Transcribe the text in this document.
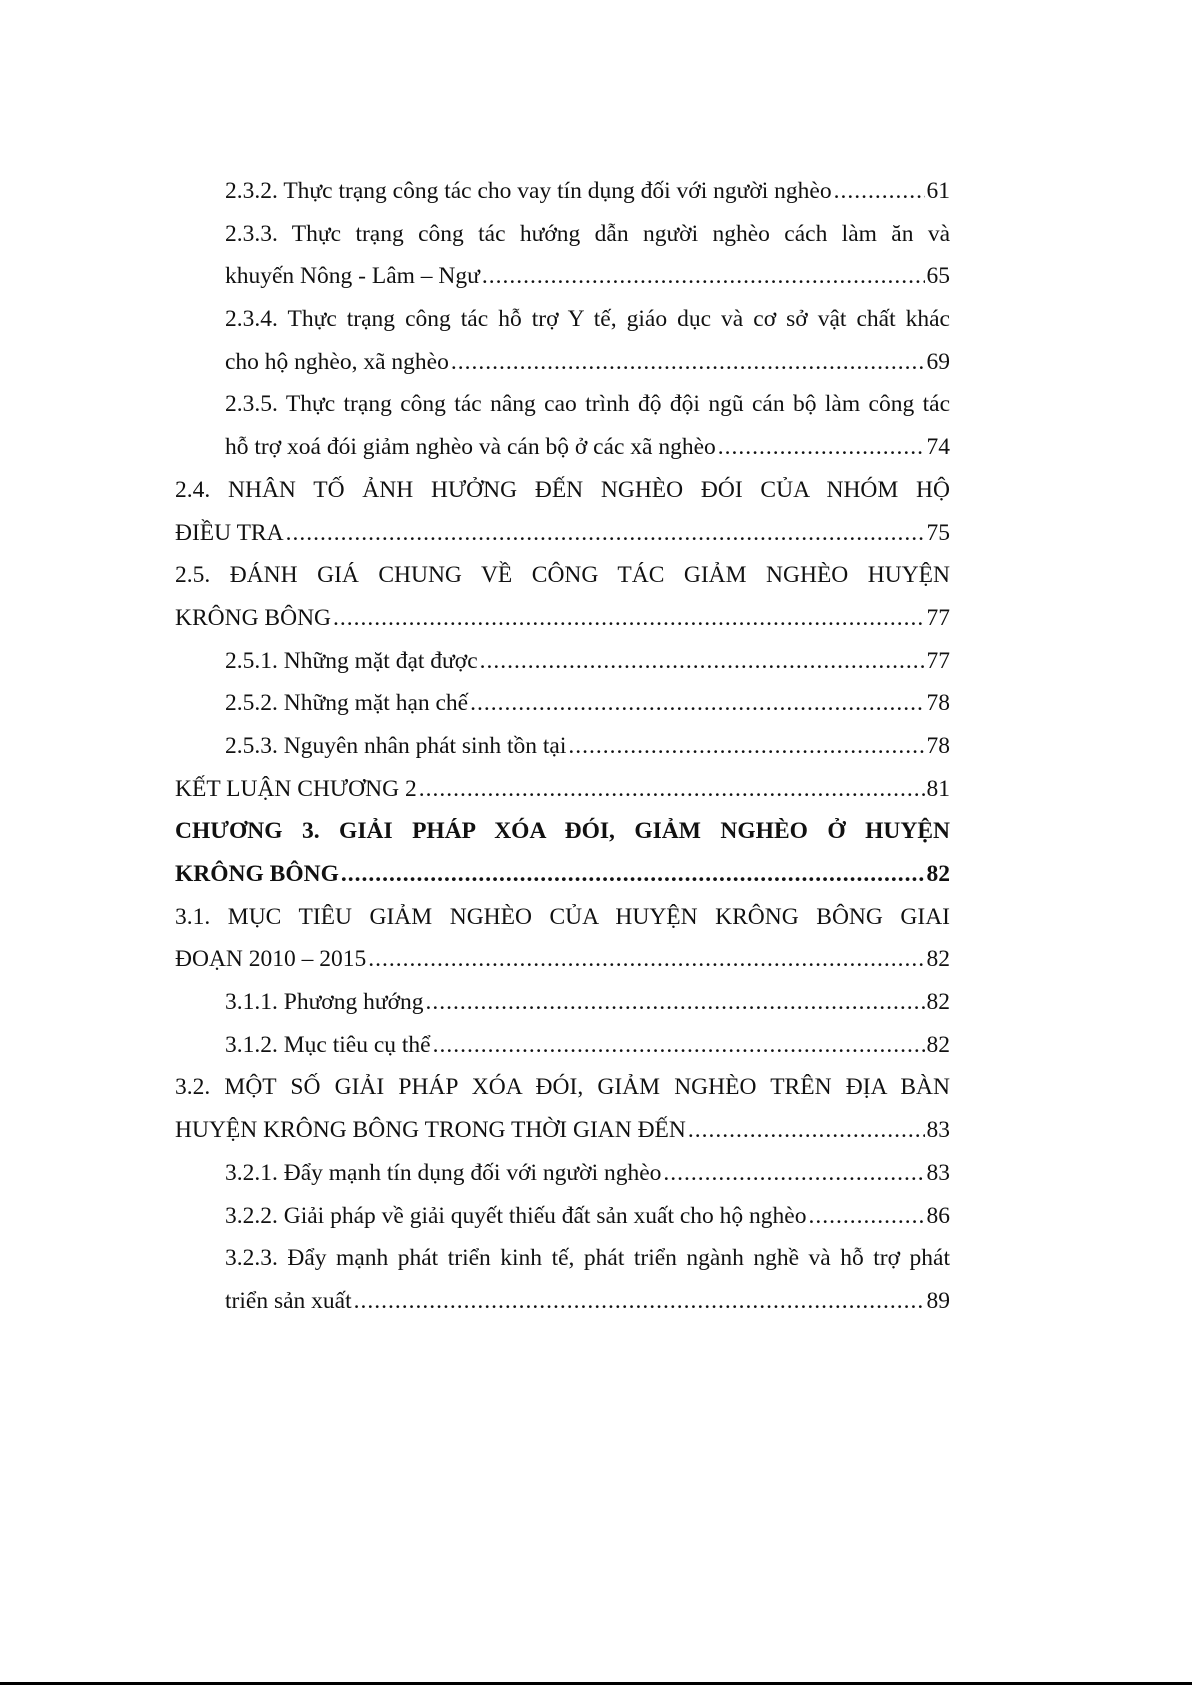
2.3.2. Thực trạng công tác cho vay tín dụng đối với người nghèo .....	61
2.3.3. Thực trạng công tác hướng dẫn người nghèo cách làm ăn và
khuyến Nông - Lâm – Ngư .....	65
2.3.4. Thực trạng công tác hỗ trợ Y tế, giáo dục và cơ sở vật chất khác
cho hộ nghèo, xã nghèo .....	69
2.3.5. Thực trạng công tác nâng cao trình độ đội ngũ cán bộ làm công tác
hỗ trợ xoá đói giảm nghèo và cán bộ ở các xã nghèo .....	74
2.4. NHÂN TỐ ẢNH HƯỞNG ĐẾN NGHÈO ĐÓI CỦA NHÓM HỘ
ĐIỀU TRA .....	75
2.5. ĐÁNH GIÁ CHUNG VỀ CÔNG TÁC GIẢM NGHÈO HUYỆN
KRÔNG BÔNG .....	77
2.5.1. Những mặt đạt được .....	77
2.5.2. Những mặt hạn chế .....	78
2.5.3. Nguyên nhân phát sinh tồn tại .....	78
KẾT LUẬN CHƯƠNG 2 .....	81
CHƯƠNG 3. GIẢI PHÁP XÓA ĐÓI, GIẢM NGHÈO Ở HUYỆN
KRÔNG BÔNG .....	82
3.1. MỤC TIÊU GIẢM NGHÈO CỦA HUYỆN KRÔNG BÔNG GIAI
ĐOẠN 2010 – 2015 .....	82
3.1.1. Phương hướng .....	82
3.1.2. Mục tiêu cụ thể .....	82
3.2. MỘT SỐ GIẢI PHÁP XÓA ĐÓI, GIẢM NGHÈO TRÊN ĐỊA BÀN
HUYỆN KRÔNG BÔNG TRONG THỜI GIAN ĐẾN .....	83
3.2.1. Đẩy mạnh tín dụng đối với người nghèo .....	83
3.2.2. Giải pháp về giải quyết thiếu đất sản xuất cho hộ nghèo .....	86
3.2.3. Đẩy mạnh phát triển kinh tế, phát triển ngành nghề và hỗ trợ phát
triển sản xuất .....	89
